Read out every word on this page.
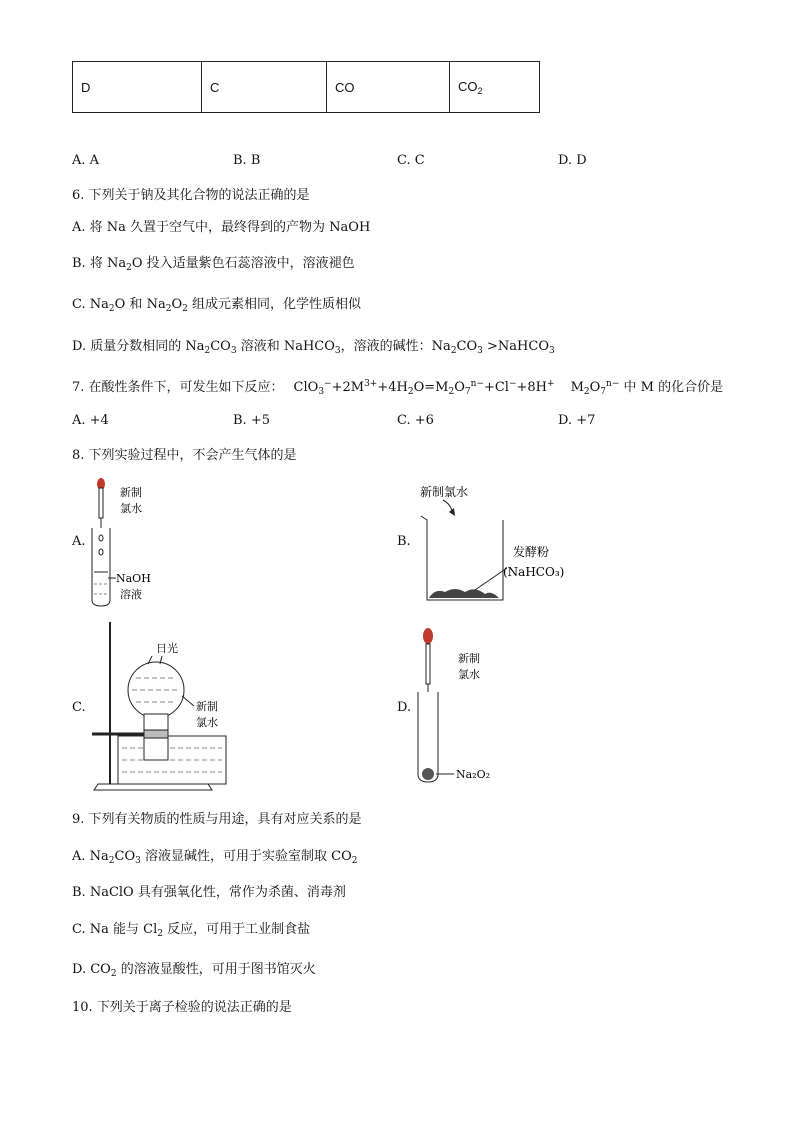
D	C	CO	$CO_2$
A. A	B. B	C. C	D. D
6. 下列关于钠及其化合物的说法正确的是
A. 将 Na 久置于空气中，最终得到的产物为 NaOH
B. 将 $Na_2O$ 投入适量紫色石蕊溶液中，溶液褪色
C. $Na_2O$ 和 $Na_2O_2$ 组成元素相同，化学性质相似
D. 质量分数相同的 $Na_2CO_3$ 溶液和 NaHCO$_3$，溶液的碱性：$Na_2CO_3$ >NaHCO$_3$
7. 在酸性条件下，可发生如下反应： $ClO_3^-+2M^{3+}+4H_2O=M_2O_7^{n-}+Cl^-+8H^+$ $M_2O_7^{n-}$ 中 M 的化合价是
A. +4	B. +5	C. +6	D. +7
8. 下列实验过程中，不会产生气体的是
A.
新制
氯水
NaOH
溶液
B.
新制氯水
发酵粉
(NaHCO₃)
C.
日光
新制
氯水
D.
新制
氯水
Na₂O₂
9. 下列有关物质的性质与用途，具有对应关系的是
A. $Na_2CO_3$ 溶液显碱性，可用于实验室制取 $CO_2$
B. NaClO 具有强氧化性，常作为杀菌、消毒剂
C. Na 能与 $Cl_2$ 反应，可用于工业制食盐
D. $CO_2$ 的溶液显酸性，可用于图书馆灭火
10. 下列关于离子检验的说法正确的是
